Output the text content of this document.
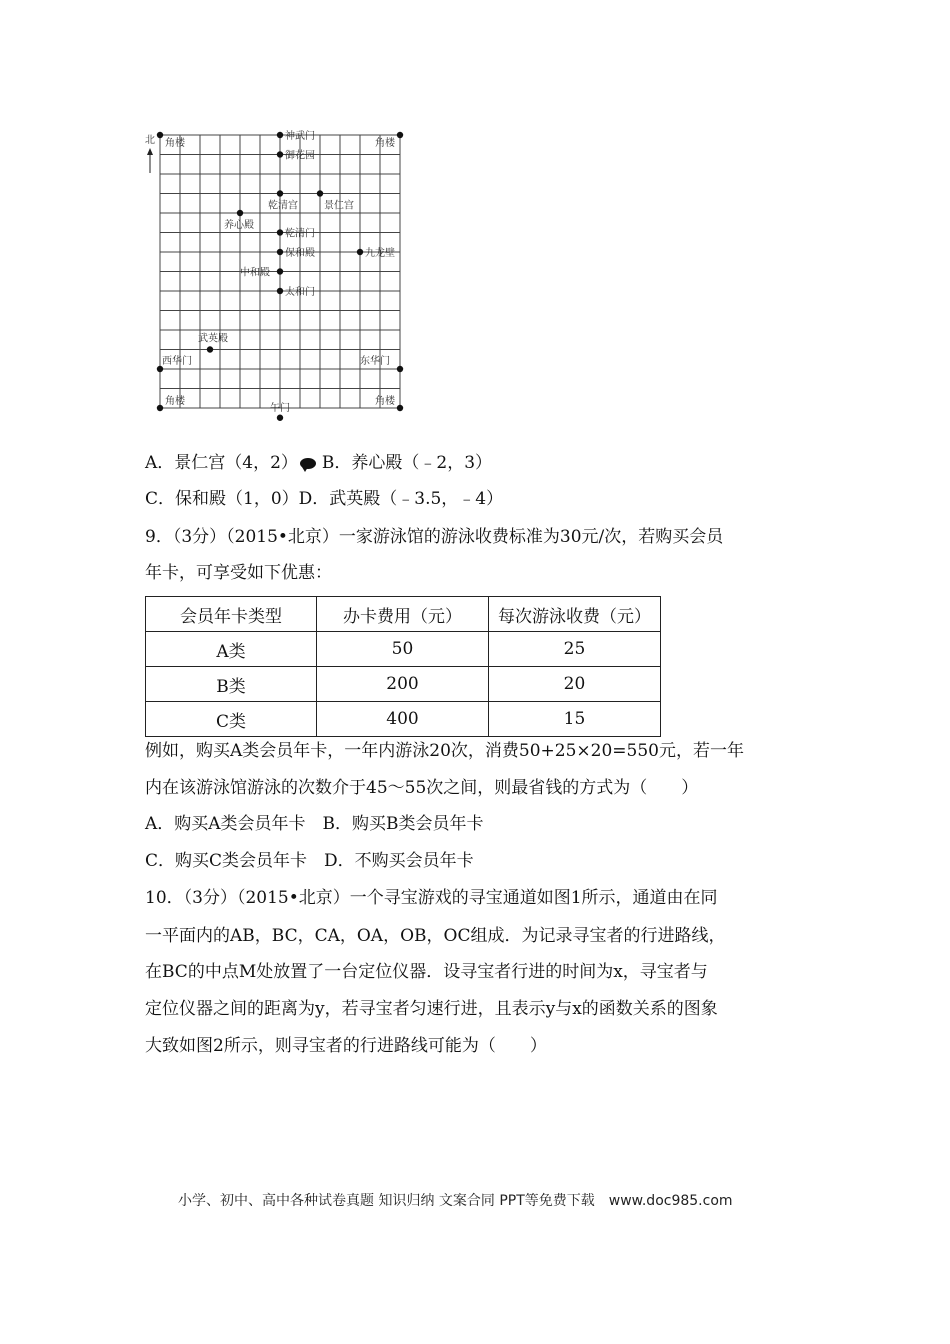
北 角楼	角楼
神武门
御花园
乾清宫	景仁宫
养心殿
乾清门
保和殿	九龙壁
中和殿
太和门
武英殿
西华门	东华门
角楼
午门
角楼
A．景仁宫（4，2） B．养心殿（﹣2，3）
C．保和殿（1，0）D．武英殿（﹣3.5，﹣4）
9．（3分）（2015•北京）一家游泳馆的游泳收费标准为30元/次，若购买会员
年卡，可享受如下优惠：
会员年卡类型	办卡费用（元）	每次游泳收费（元）
A类	50	25
B类	200	20
C类	400	15
例如，购买A类会员年卡，一年内游泳20次，消费50+25×20=550元，若一年
内在该游泳馆游泳的次数介于45～55次之间，则最省钱的方式为（　　）
A．购买A类会员年卡　B．购买B类会员年卡
C．购买C类会员年卡　D．不购买会员年卡
10．（3分）（2015•北京）一个寻宝游戏的寻宝通道如图1所示，通道由在同
一平面内的AB，BC，CA，OA，OB，OC组成．为记录寻宝者的行进路线，
在BC的中点M处放置了一台定位仪器．设寻宝者行进的时间为x，寻宝者与
定位仪器之间的距离为y，若寻宝者匀速行进，且表示y与x的函数关系的图象
大致如图2所示，则寻宝者的行进路线可能为（　　）
小学、初中、高中各种试卷真题 知识归纳 文案合同 PPT等免费下载　www.doc985.com
